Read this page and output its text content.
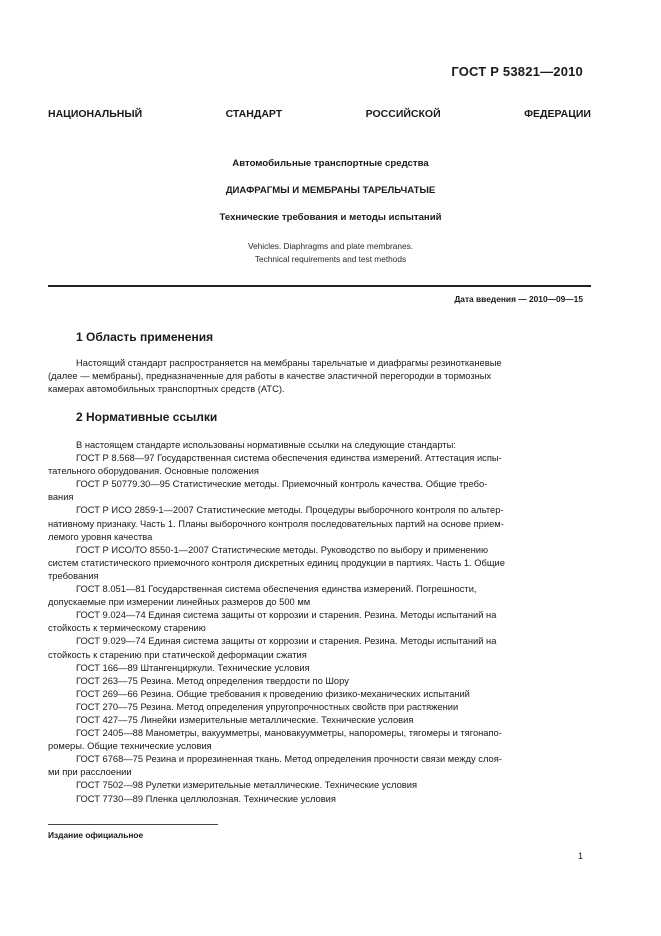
ГОСТ Р 53821—2010
НАЦИОНАЛЬНЫЙ	СТАНДАРТ	РОССИЙСКОЙ	ФЕДЕРАЦИИ
Автомобильные транспортные средства
ДИАФРАГМЫ И МЕМБРАНЫ ТАРЕЛЬЧАТЫЕ
Технические требования и методы испытаний
Vehicles. Diaphragms and plate membranes.
Technical requirements and test methods
Дата введения — 2010—09—15
1 Область применения

Настоящий стандарт распространяется на мембраны тарельчатые и диафрагмы резинотканевые

(далее — мембраны), предназначенные для работы в качестве эластичной перегородки в тормозных

камерах автомобильных транспортных средств (АТС).

2 Нормативные ссылки

В настоящем стандарте использованы нормативные ссылки на следующие стандарты:

ГОСТ Р 8.568—97 Государственная система обеспечения единства измерений. Аттестация испы-

тательного оборудования. Основные положения

ГОСТ Р 50779.30—95 Статистические методы. Приемочный контроль качества. Общие требо-

вания

ГОСТ Р ИСО 2859-1—2007 Статистические методы. Процедуры выборочного контроля по альтер-

нативному признаку. Часть 1. Планы выборочного контроля последовательных партий на основе прием-

лемого уровня качества

ГОСТ Р ИСО/ТО 8550-1—2007 Статистические методы. Руководство по выбору и применению

систем статистического приемочного контроля дискретных единиц продукции в партиях. Часть 1. Общие

требования

ГОСТ 8.051—81 Государственная система обеспечения единства измерений. Погрешности,

допускаемые при измерении линейных размеров до 500 мм

ГОСТ 9.024—74 Единая система защиты от коррозии и старения. Резина. Методы испытаний на

стойкость к термическому старению

ГОСТ 9.029—74 Единая система защиты от коррозии и старения. Резина. Методы испытаний на

стойкость к старению при статической деформации сжатия

ГОСТ 166—89 Штангенциркули. Технические условия

ГОСТ 263—75 Резина. Метод определения твердости по Шору

ГОСТ 269—66 Резина. Общие требования к проведению физико-механических испытаний

ГОСТ 270—75 Резина. Метод определения упругопрочностных свойств при растяжении

ГОСТ 427—75 Линейки измерительные металлические. Технические условия

ГОСТ 2405—88 Манометры, вакуумметры, мановакуумметры, напоромеры, тягомеры и тягонапо-

ромеры. Общие технические условия

ГОСТ 6768—75 Резина и прорезиненная ткань. Метод определения прочности связи между слоя-

ми при расслоении

ГОСТ 7502—98 Рулетки измерительные металлические. Технические условия

ГОСТ 7730—89 Пленка целлюлозная. Технические условия

Издание официальное
1
